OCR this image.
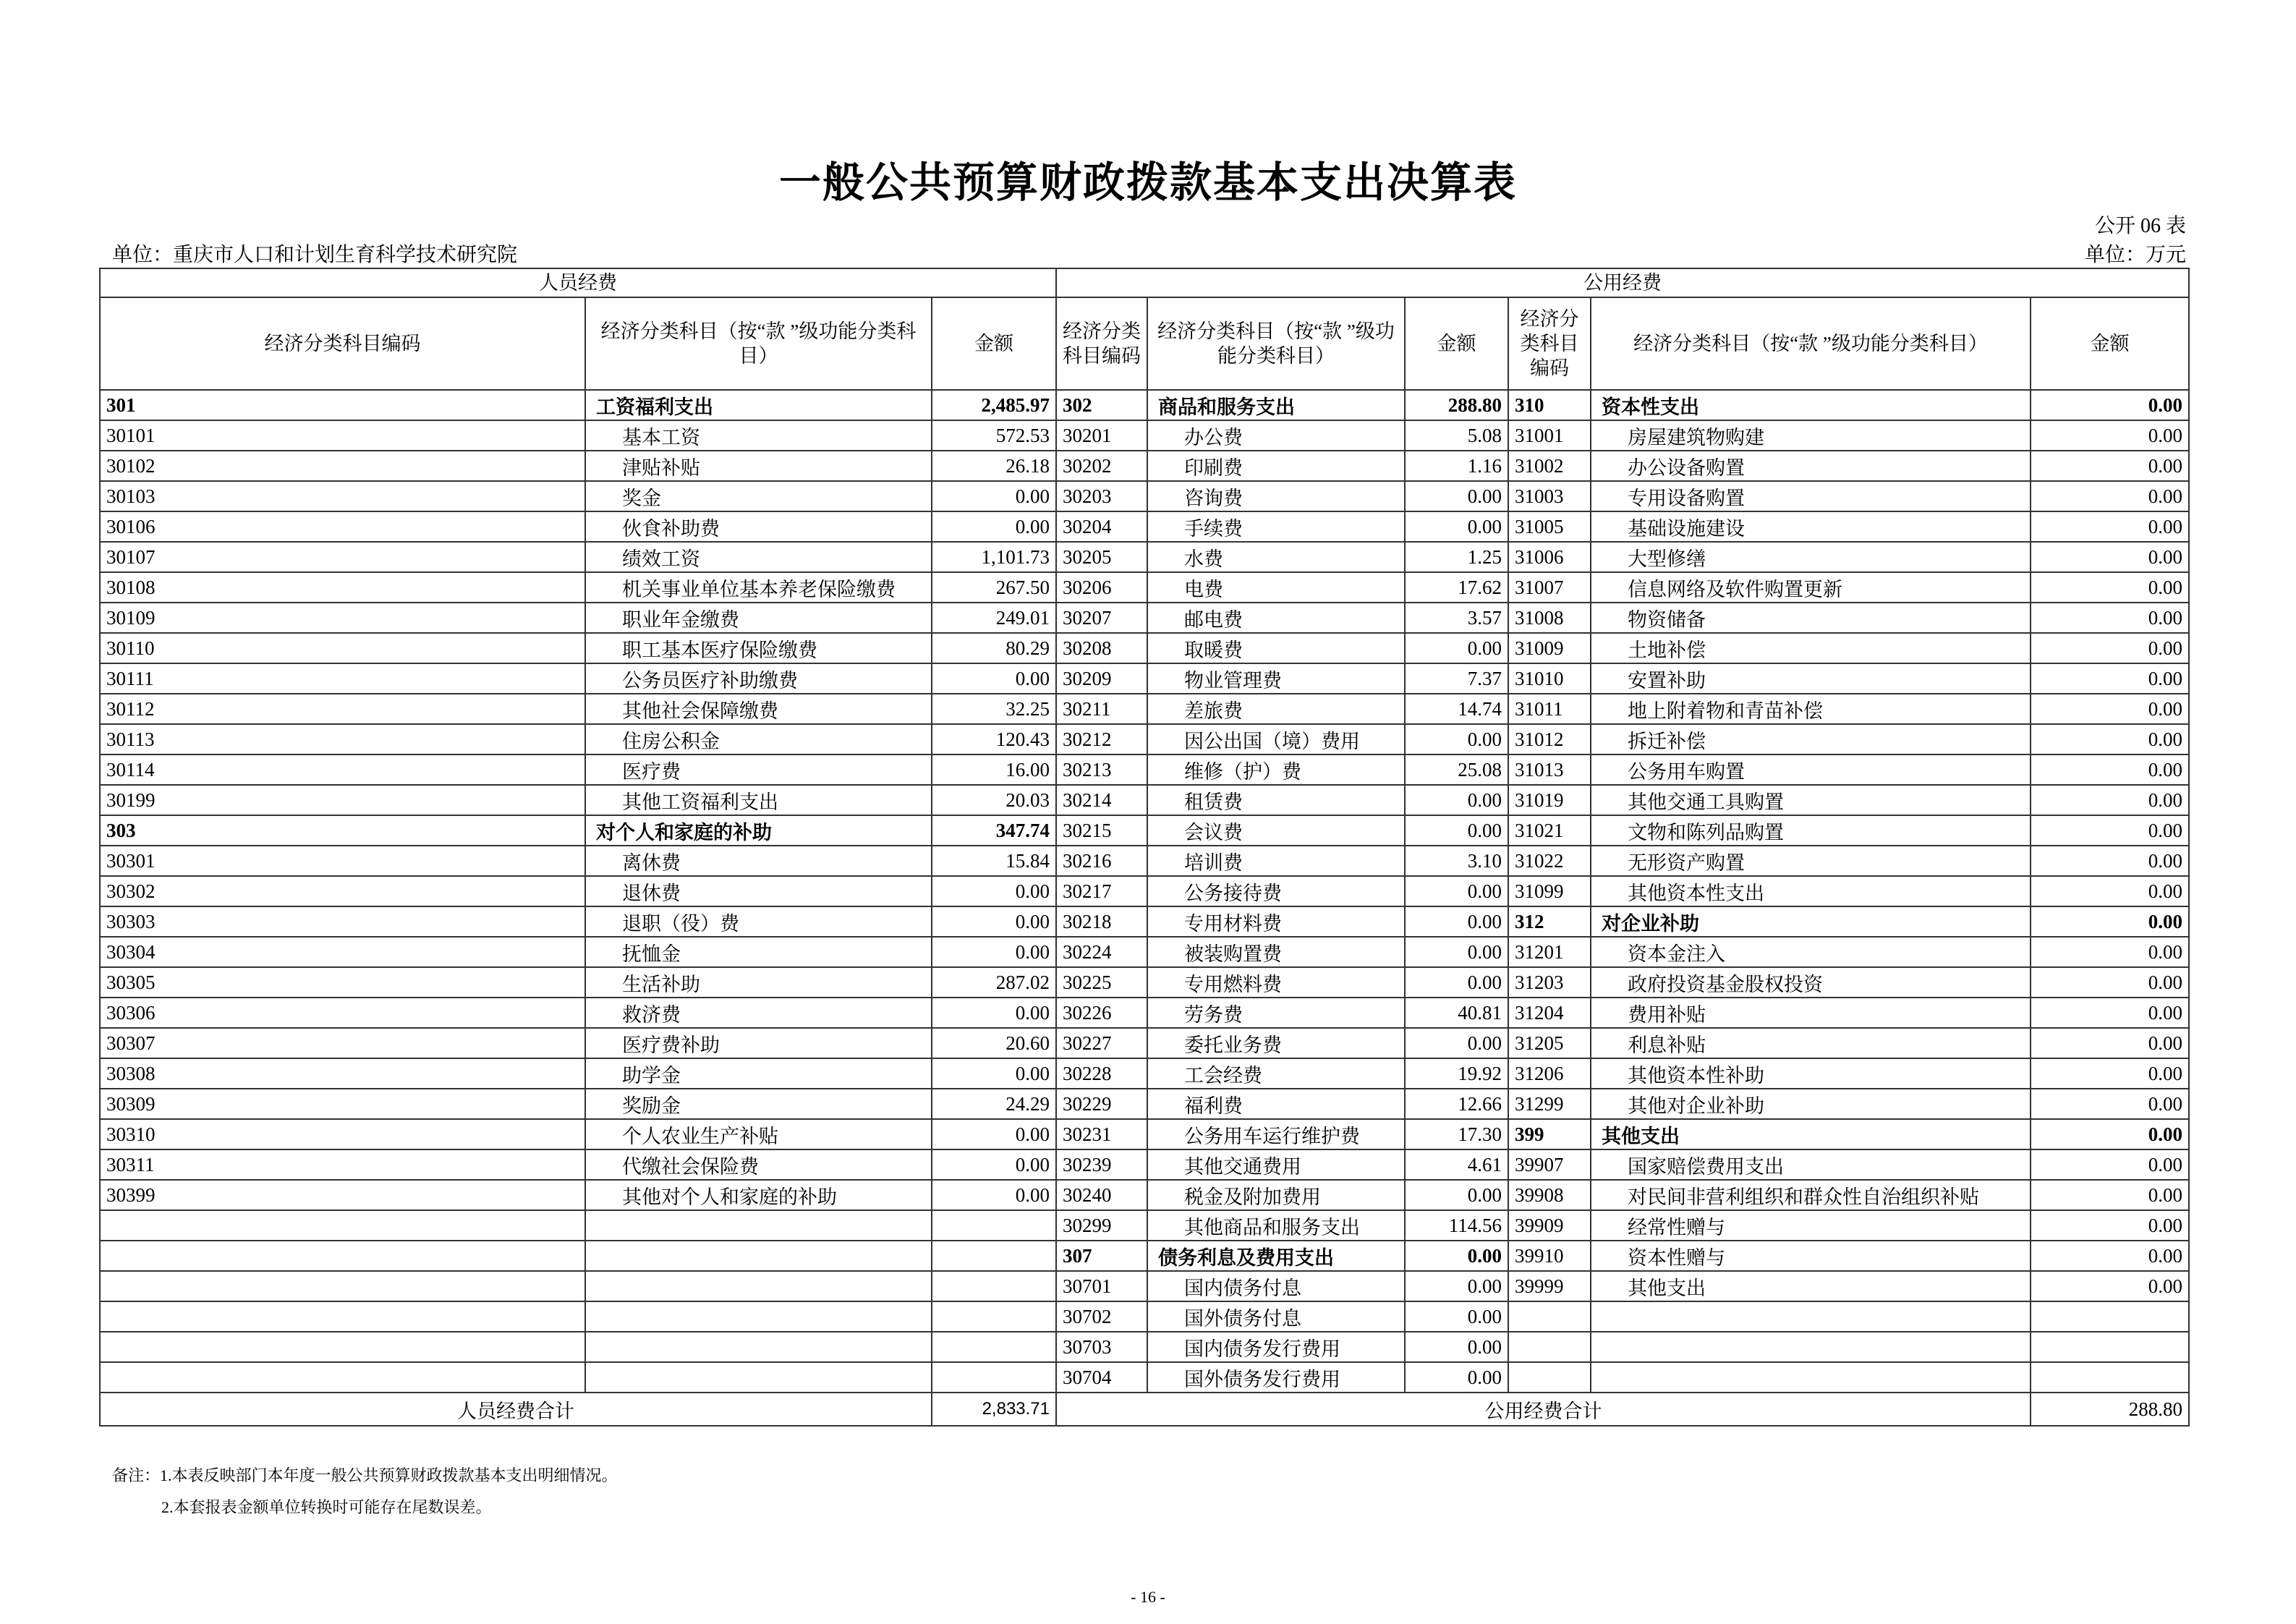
一般公共预算财政拨款基本支出决算表
公开 06 表
单位：重庆市人口和计划生育科学技术研究院	单位：万元
人员经费			公用经费					
经济分类科目编码	经济分类科目（按“款 ”级功能分类科目）	金额	经济分类科目编码	经济分类科目（按“款 ”级功能分类科目）	金额	经济分类科目编码	经济分类科目（按“款 ”级功能分类科目）	金额
301	工资福利支出	2,485.97	302	商品和服务支出	288.80	310	资本性支出	0.00
30101	基本工资	572.53	30201	办公费	5.08	31001	房屋建筑物购建	0.00
30102	津贴补贴	26.18	30202	印刷费	1.16	31002	办公设备购置	0.00
30103	奖金	0.00	30203	咨询费	0.00	31003	专用设备购置	0.00
30106	伙食补助费	0.00	30204	手续费	0.00	31005	基础设施建设	0.00
30107	绩效工资	1,101.73	30205	水费	1.25	31006	大型修缮	0.00
30108	机关事业单位基本养老保险缴费	267.50	30206	电费	17.62	31007	信息网络及软件购置更新	0.00
30109	职业年金缴费	249.01	30207	邮电费	3.57	31008	物资储备	0.00
30110	职工基本医疗保险缴费	80.29	30208	取暖费	0.00	31009	土地补偿	0.00
30111	公务员医疗补助缴费	0.00	30209	物业管理费	7.37	31010	安置补助	0.00
30112	其他社会保障缴费	32.25	30211	差旅费	14.74	31011	地上附着物和青苗补偿	0.00
30113	住房公积金	120.43	30212	因公出国（境）费用	0.00	31012	拆迁补偿	0.00
30114	医疗费	16.00	30213	维修（护）费	25.08	31013	公务用车购置	0.00
30199	其他工资福利支出	20.03	30214	租赁费	0.00	31019	其他交通工具购置	0.00
303	对个人和家庭的补助	347.74	30215	会议费	0.00	31021	文物和陈列品购置	0.00
30301	离休费	15.84	30216	培训费	3.10	31022	无形资产购置	0.00
30302	退休费	0.00	30217	公务接待费	0.00	31099	其他资本性支出	0.00
30303	退职（役）费	0.00	30218	专用材料费	0.00	312	对企业补助	0.00
30304	抚恤金	0.00	30224	被装购置费	0.00	31201	资本金注入	0.00
30305	生活补助	287.02	30225	专用燃料费	0.00	31203	政府投资基金股权投资	0.00
30306	救济费	0.00	30226	劳务费	40.81	31204	费用补贴	0.00
30307	医疗费补助	20.60	30227	委托业务费	0.00	31205	利息补贴	0.00
30308	助学金	0.00	30228	工会经费	19.92	31206	其他资本性补助	0.00
30309	奖励金	24.29	30229	福利费	12.66	31299	其他对企业补助	0.00
30310	个人农业生产补贴	0.00	30231	公务用车运行维护费	17.30	399	其他支出	0.00
30311	代缴社会保险费	0.00	30239	其他交通费用	4.61	39907	国家赔偿费用支出	0.00
30399	其他对个人和家庭的补助	0.00	30240	税金及附加费用	0.00	39908	对民间非营利组织和群众性自治组织补贴	0.00
			30299	其他商品和服务支出	114.56	39909	经常性赠与	0.00
			307	债务利息及费用支出	0.00	39910	资本性赠与	0.00
			30701	国内债务付息	0.00	39999	其他支出	0.00
			30702	国外债务付息	0.00			
			30703	国内债务发行费用	0.00			
			30704	国外债务发行费用	0.00			
人员经费合计		2,833.71	公用经费合计					288.80
备注：1.本表反映部门本年度一般公共预算财政拨款基本支出明细情况。
2.本套报表金额单位转换时可能存在尾数误差。
- 16 -
